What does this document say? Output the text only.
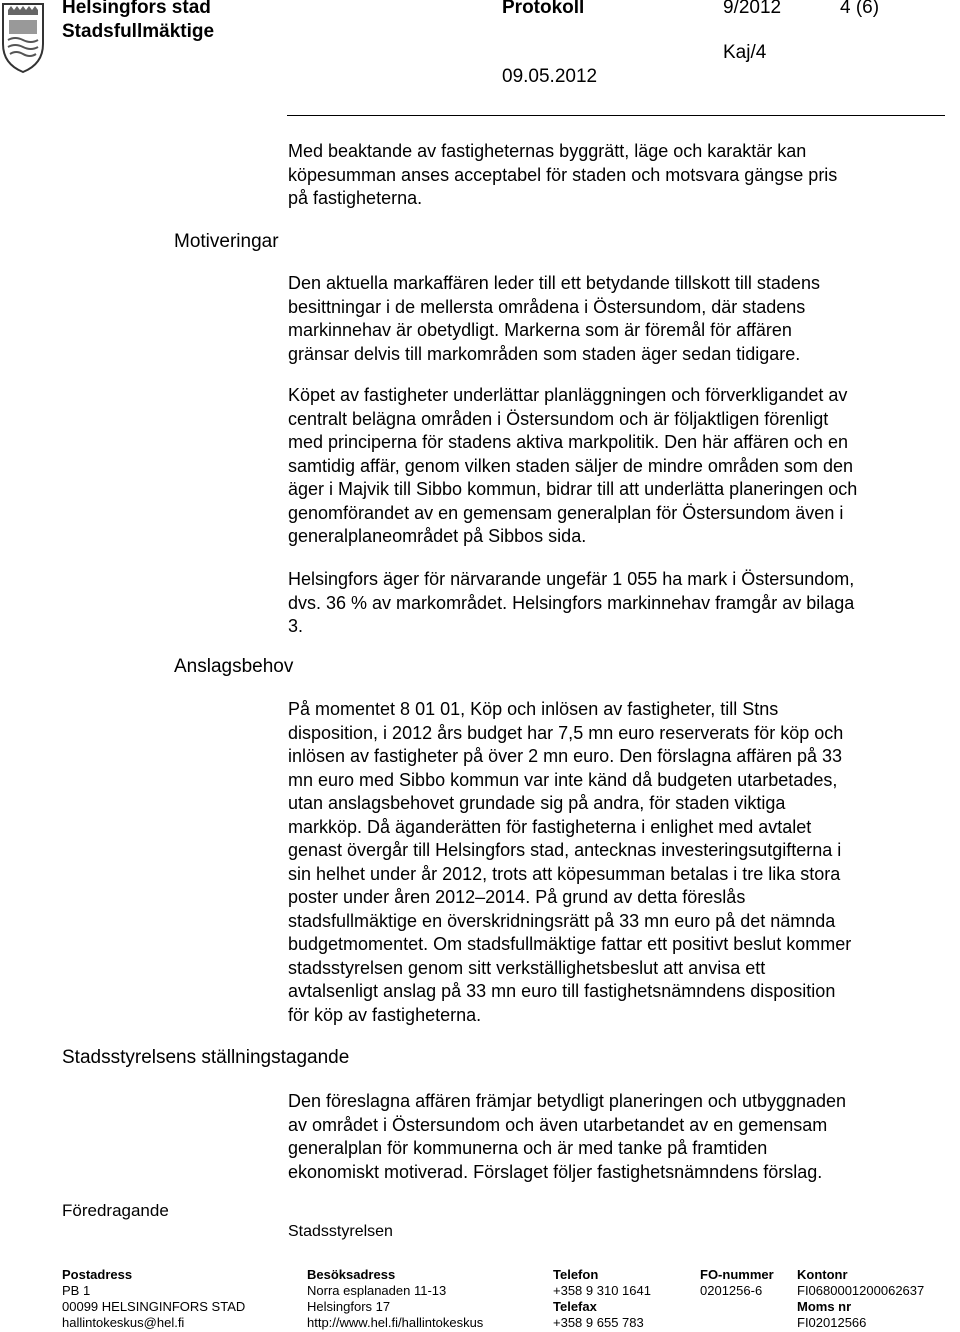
Helsingfors stad
Stadsfullmäktige
Protokoll	9/2012	4 (6)
Kaj/4
09.05.2012
Motiveringar
Anslagsbehov
Stadsstyrelsens ställningstagande
Föredragande
Med beaktande av fastigheternas byggrätt, läge och karaktär kan
köpesumman anses acceptabel för staden och motsvara gängse pris
på fastigheterna.
Den aktuella markaffären leder till ett betydande tillskott till stadens
besittningar i de mellersta områdena i Östersundom, där stadens
markinnehav är obetydligt. Markerna som är föremål för affären
gränsar delvis till markområden som staden äger sedan tidigare.
Köpet av fastigheter underlättar planläggningen och förverkligandet av
centralt belägna områden i Östersundom och är följaktligen förenligt
med principerna för stadens aktiva markpolitik. Den här affären och en
samtidig affär, genom vilken staden säljer de mindre områden som den
äger i Majvik till Sibbo kommun, bidrar till att underlätta planeringen och
genomförandet av en gemensam generalplan för Östersundom även i
generalplaneområdet på Sibbos sida.
Helsingfors äger för närvarande ungefär 1 055 ha mark i Östersundom,
dvs. 36 % av markområdet. Helsingfors markinnehav framgår av bilaga
3.
På momentet 8 01 01, Köp och inlösen av fastigheter, till Stns
disposition, i 2012 års budget har 7,5 mn euro reserverats för köp och
inlösen av fastigheter på över 2 mn euro. Den förslagna affären på 33
mn euro med Sibbo kommun var inte känd då budgeten utarbetades,
utan anslagsbehovet grundade sig på andra, för staden viktiga
markköp. Då äganderätten för fastigheterna i enlighet med avtalet
genast övergår till Helsingfors stad, antecknas investeringsutgifterna i
sin helhet under år 2012, trots att köpesumman betalas i tre lika stora
poster under åren 2012–2014. På grund av detta föreslås
stadsfullmäktige en överskridningsrätt på 33 mn euro på det nämnda
budgetmomentet. Om stadsfullmäktige fattar ett positivt beslut kommer
stadsstyrelsen genom sitt verkställighetsbeslut att anvisa ett
avtalsenligt anslag på 33 mn euro till fastighetsnämndens disposition
för köp av fastigheterna.
Den föreslagna affären främjar betydligt planeringen och utbyggnaden
av området i Östersundom och även utarbetandet av en gemensam
generalplan för kommunerna och är med tanke på framtiden
ekonomiskt motiverad. Förslaget följer fastighetsnämndens förslag.
Stadsstyrelsen
Postadress
PB 1
00099 HELSINGINFORS STAD
hallintokeskus@hel.fi
Besöksadress
Norra esplanaden 11-13
Helsingfors 17
http://www.hel.fi/hallintokeskus
Telefon
+358 9 310 1641
Telefax
+358 9 655 783
FO-nummer
0201256-6
Kontonr
FI0680001200062637
Moms nr
FI02012566
